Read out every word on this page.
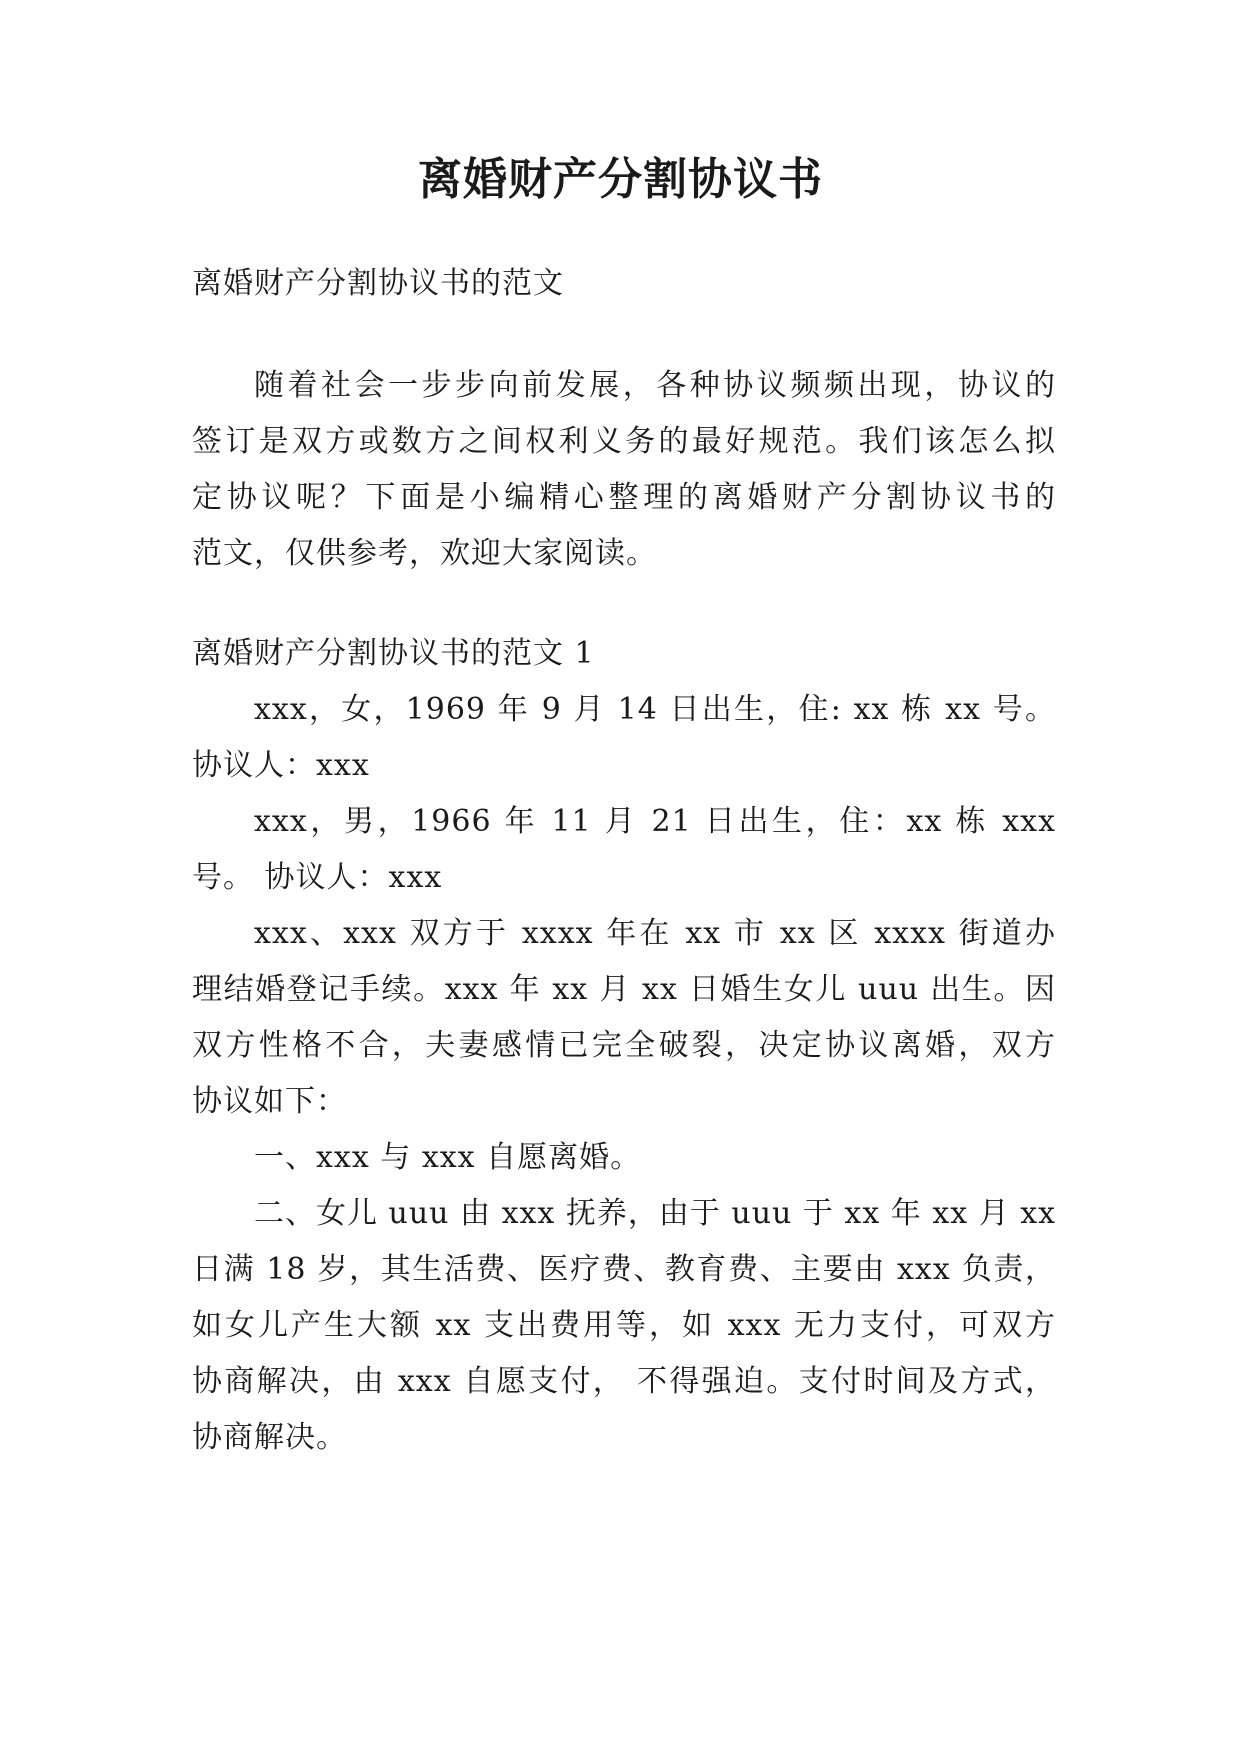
离婚财产分割协议书
离婚财产分割协议书的范文
随着社会一步步向前发展，各种协议频频出现，协议的
签订是双方或数方之间权利义务的最好规范。我们该怎么拟
定协议呢？下面是小编精心整理的离婚财产分割协议书的
范文，仅供参考，欢迎大家阅读。
离婚财产分割协议书的范文 1
xxx，女，1969 年 9 月 14 日出生，住: xx 栋 xx 号。
协议人：xxx
xxx，男，1966 年 11 月 21 日出生，住：xx 栋 xxx
号。 协议人：xxx
xxx、xxx 双方于 xxxx 年在 xx 市 xx 区 xxxx 街道办
理结婚登记手续。xxx 年 xx 月 xx 日婚生女儿 uuu 出生。因
双方性格不合，夫妻感情已完全破裂，决定协议离婚，双方
协议如下：
一、xxx 与 xxx 自愿离婚。
二、女儿 uuu 由 xxx 抚养，由于 uuu 于 xx 年 xx 月 xx
日满 18 岁，其生活费、医疗费、教育费、主要由 xxx 负责，
如女儿产生大额 xx 支出费用等，如 xxx 无力支付，可双方
协商解决，由 xxx 自愿支付， 不得强迫。支付时间及方式，
协商解决。
